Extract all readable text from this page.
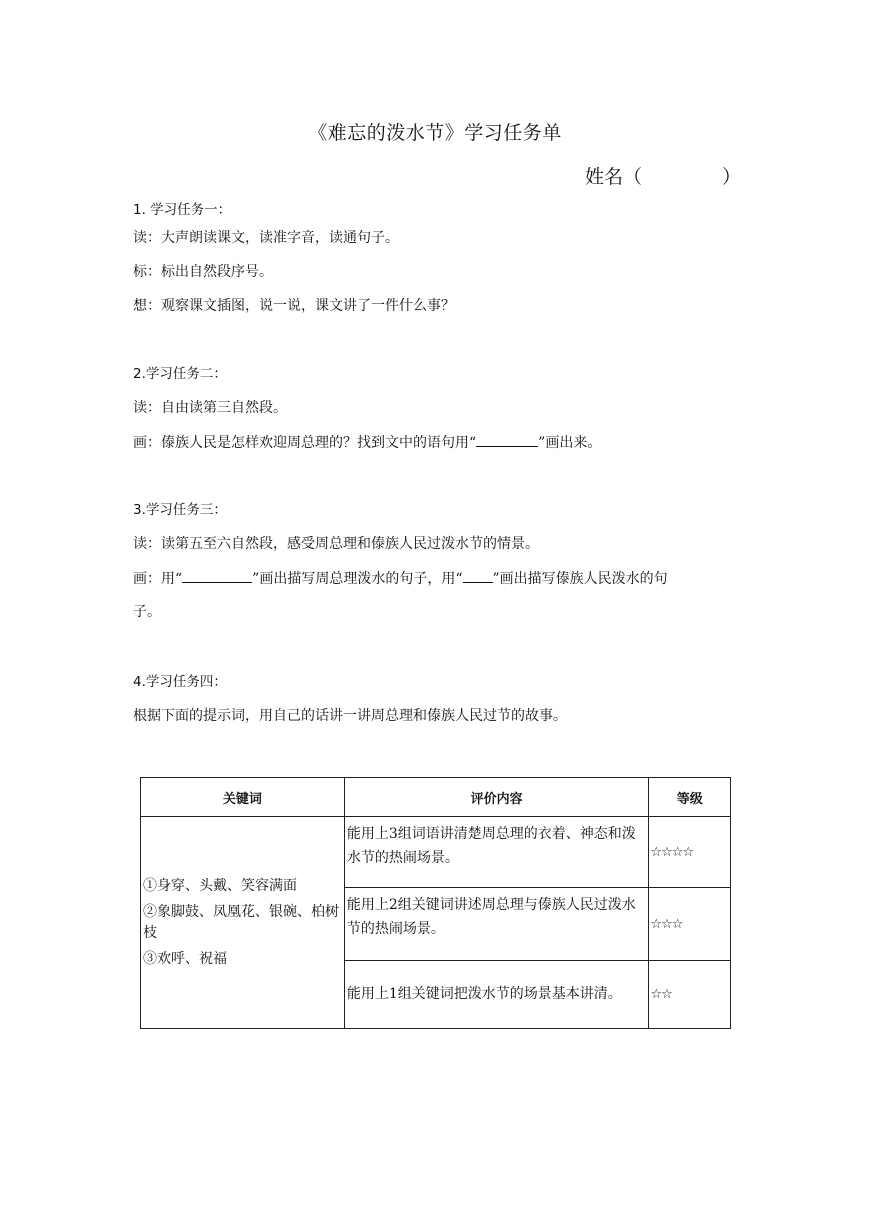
《难忘的泼水节》学习任务单
姓名（	）
1. 学习任务一：
读：大声朗读课文，读准字音，读通句子。
标：标出自然段序号。
想：观察课文插图，说一说，课文讲了一件什么事？
2.学习任务二：
读：自由读第三自然段。
画：傣族人民是怎样欢迎周总理的？找到文中的语句用“	”画出来。
3.学习任务三：
读：读第五至六自然段，感受周总理和傣族人民过泼水节的情景。
画：用“	”画出描写周总理泼水的句子，用“ ”画出描写傣族人民泼水的句
子。
4.学习任务四：
根据下面的提示词，用自己的话讲一讲周总理和傣族人民过节的故事。
关键词	评价内容	等级

①身穿、头戴、笑容满面
②象脚鼓、凤凰花、银碗、柏树枝
③欢呼、祝福	能用上3组词语讲清楚周总理的衣着、神态和泼水节的热闹场景。	☆☆☆☆
	能用上2组关键词讲述周总理与傣族人民过泼水节的热闹场景。	☆☆☆
	能用上1组关键词把泼水节的场景基本讲清。	☆☆
